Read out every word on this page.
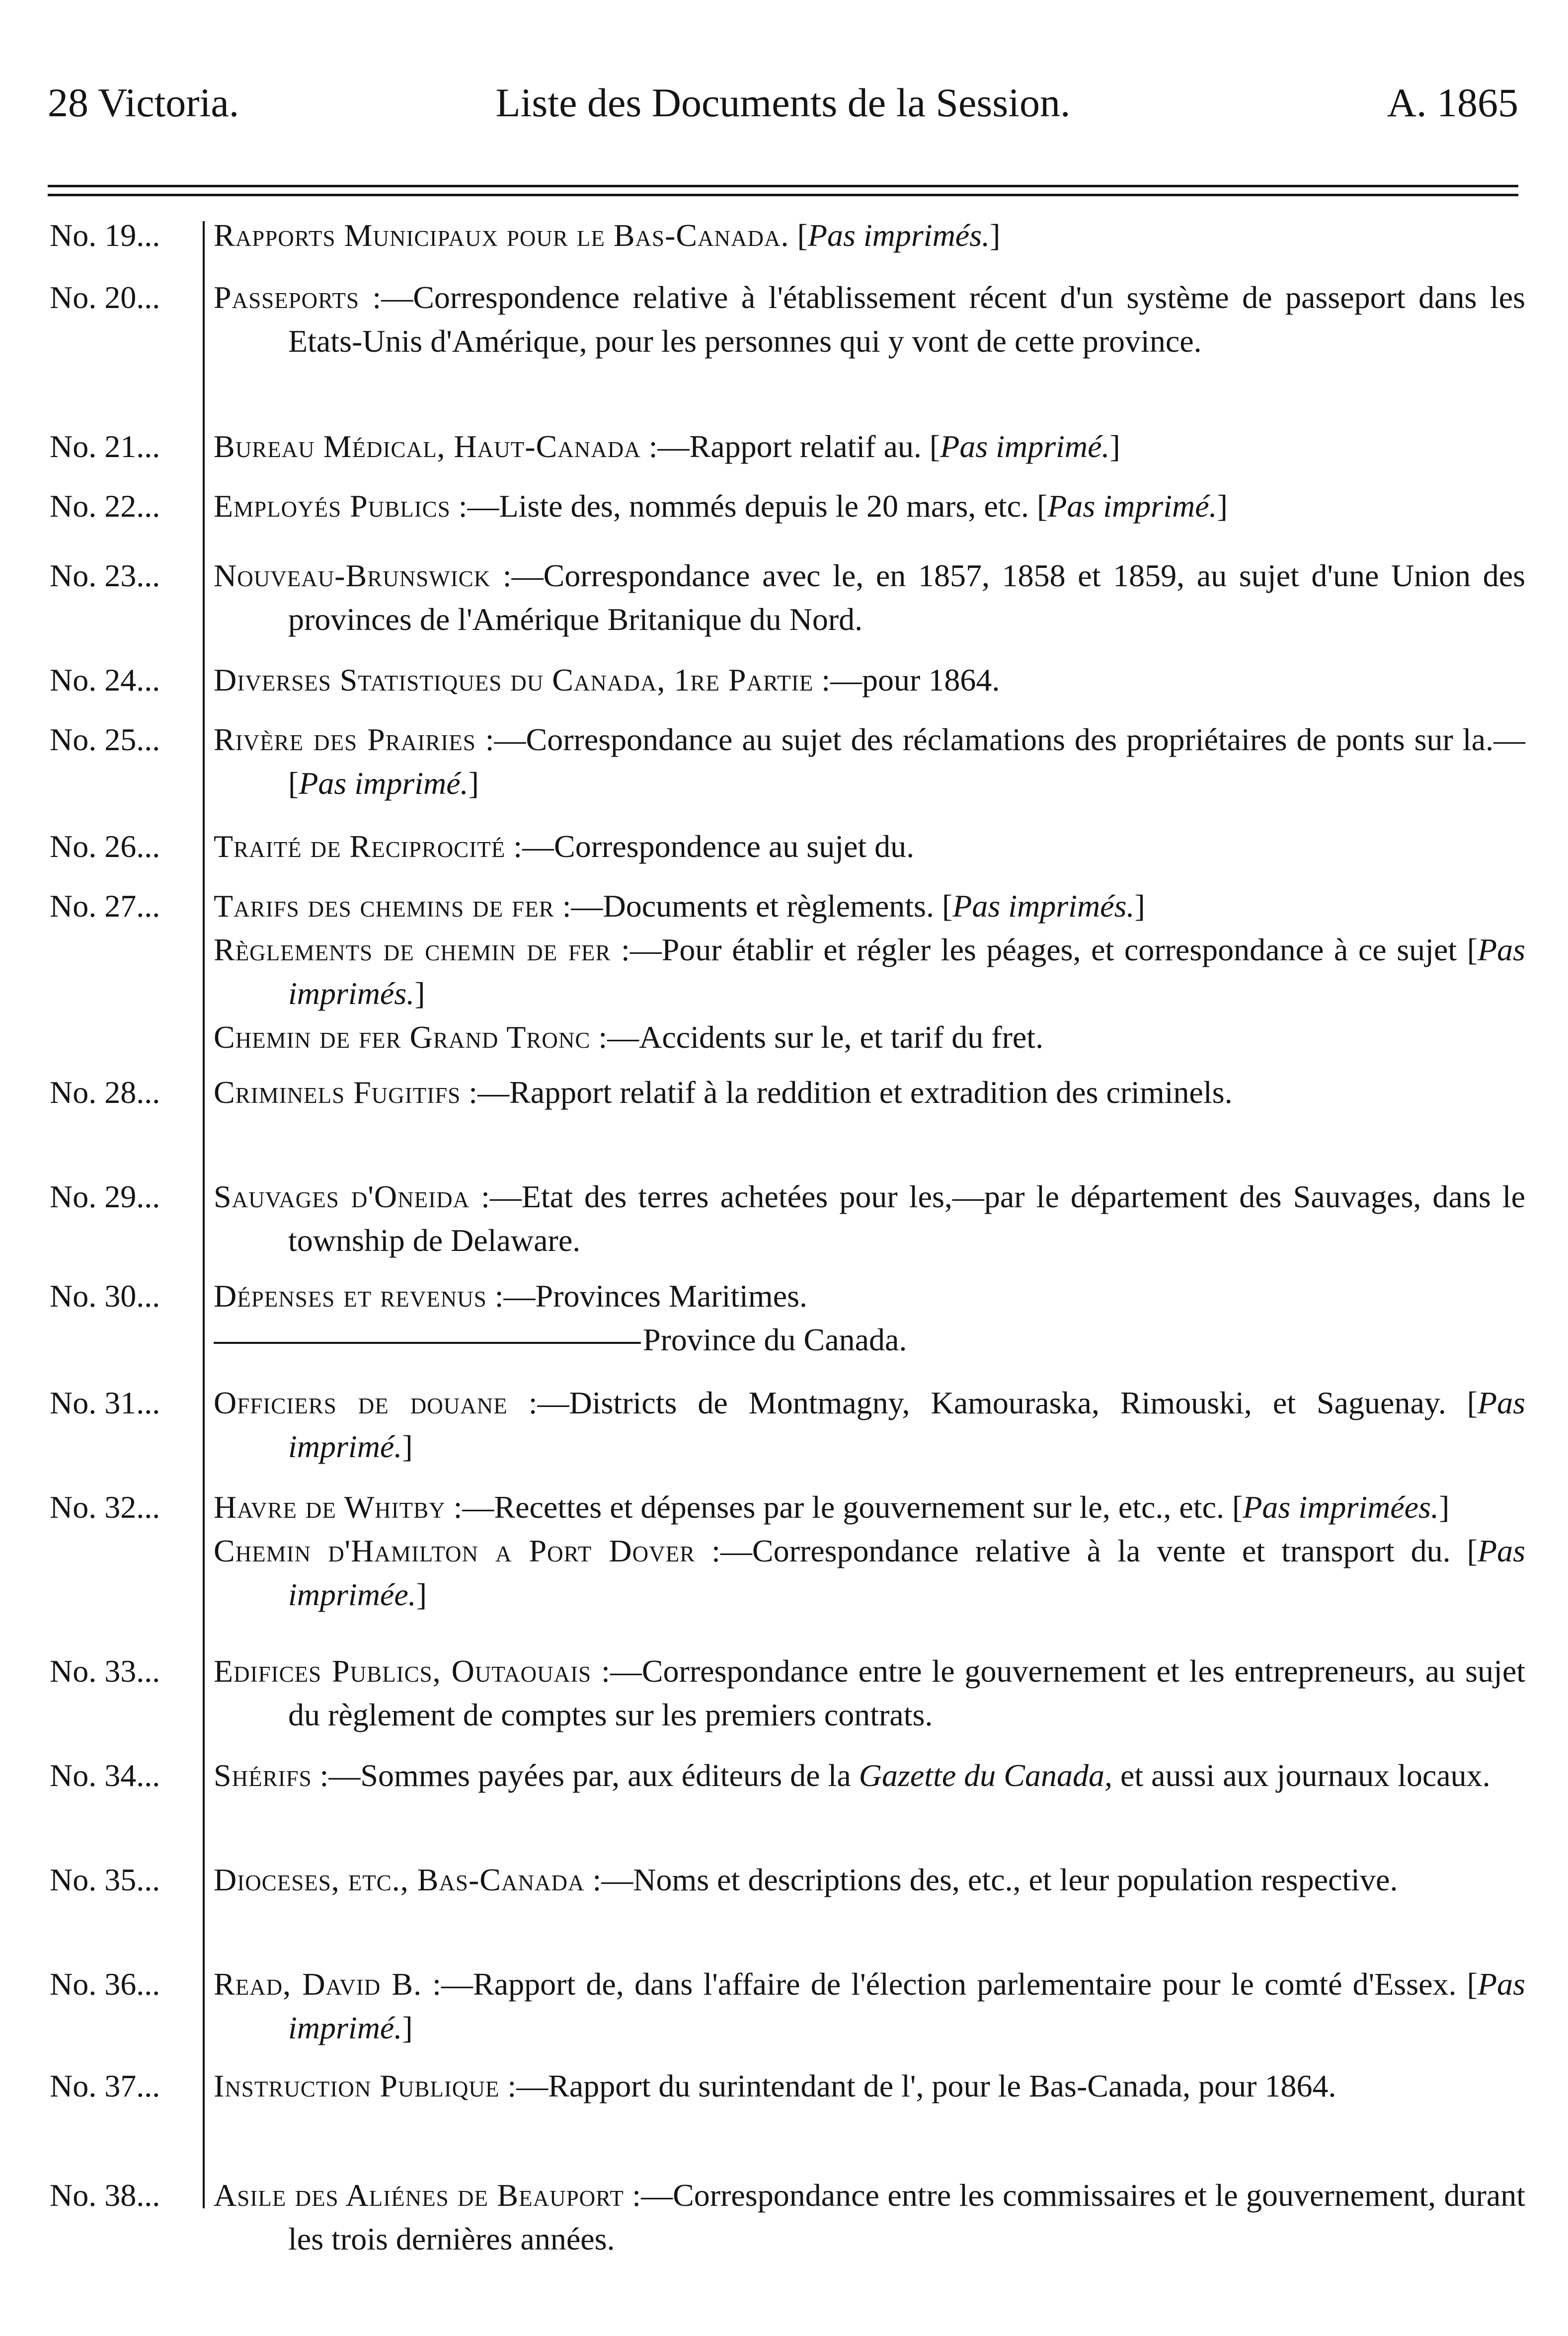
28 Victoria.	Liste des Documents de la Session.	A. 1865
No. 19...	Rapports Municipaux pour le Bas-Canada. [Pas imprimés.]

No. 20...	Passeports :—Correspondence relative à l'établissement récent d'un système de passeport dans les Etats-Unis d'Amérique, pour les personnes qui y vont de cette province.

No. 21...	Bureau Médical, Haut-Canada :—Rapport relatif au. [Pas imprimé.]

No. 22...	Employés Publics :—Liste des, nommés depuis le 20 mars, etc. [Pas imprimé.]

No. 23...	Nouveau-Brunswick :—Correspondance avec le, en 1857, 1858 et 1859, au sujet d'une Union des provinces de l'Amérique Britanique du Nord.

No. 24...	Diverses Statistiques du Canada, 1re Partie :—pour 1864.

No. 25...	Rivère des Prairies :—Correspondance au sujet des réclamations des propriétaires de ponts sur la.—[Pas imprimé.]

No. 26...	Traité de Reciprocité :—Correspondence au sujet du.

No. 27...	Tarifs des chemins de fer :—Documents et règlements. [Pas imprimés.]

Règlements de chemin de fer :—Pour établir et régler les péages, et correspondance à ce sujet [Pas imprimés.]

Chemin de fer Grand Tronc :—Accidents sur le, et tarif du fret.

No. 28...	Criminels Fugitifs :—Rapport relatif à la reddition et extradition des criminels.

No. 29...	Sauvages d'Oneida :—Etat des terres achetées pour les,—par le département des Sauvages, dans le township de Delaware.

No. 30...	Dépenses et revenus :—Provinces Maritimes.

Province du Canada.

No. 31...	Officiers de douane :—Districts de Montmagny, Kamouraska, Rimouski, et Saguenay. [Pas imprimé.]

No. 32...	Havre de Whitby :—Recettes et dépenses par le gouvernement sur le, etc., etc. [Pas imprimées.]

Chemin d'Hamilton a Port Dover :—Correspondance relative à la vente et transport du. [Pas imprimée.]

No. 33...	Edifices Publics, Outaouais :—Correspondance entre le gouvernement et les entrepreneurs, au sujet du règlement de comptes sur les premiers contrats.

No. 34...	Shérifs :—Sommes payées par, aux éditeurs de la Gazette du Canada, et aussi aux journaux locaux.

No. 35...	Dioceses, etc., Bas-Canada :—Noms et descriptions des, etc., et leur population respective.

No. 36...	Read, David B. :—Rapport de, dans l'affaire de l'élection parlementaire pour le comté d'Essex. [Pas imprimé.]

No. 37...	Instruction Publique :—Rapport du surintendant de l', pour le Bas-Canada, pour 1864.

No. 38...	Asile des Aliénes de Beauport :—Correspondance entre les commissaires et le gouvernement, durant les trois dernières années.
